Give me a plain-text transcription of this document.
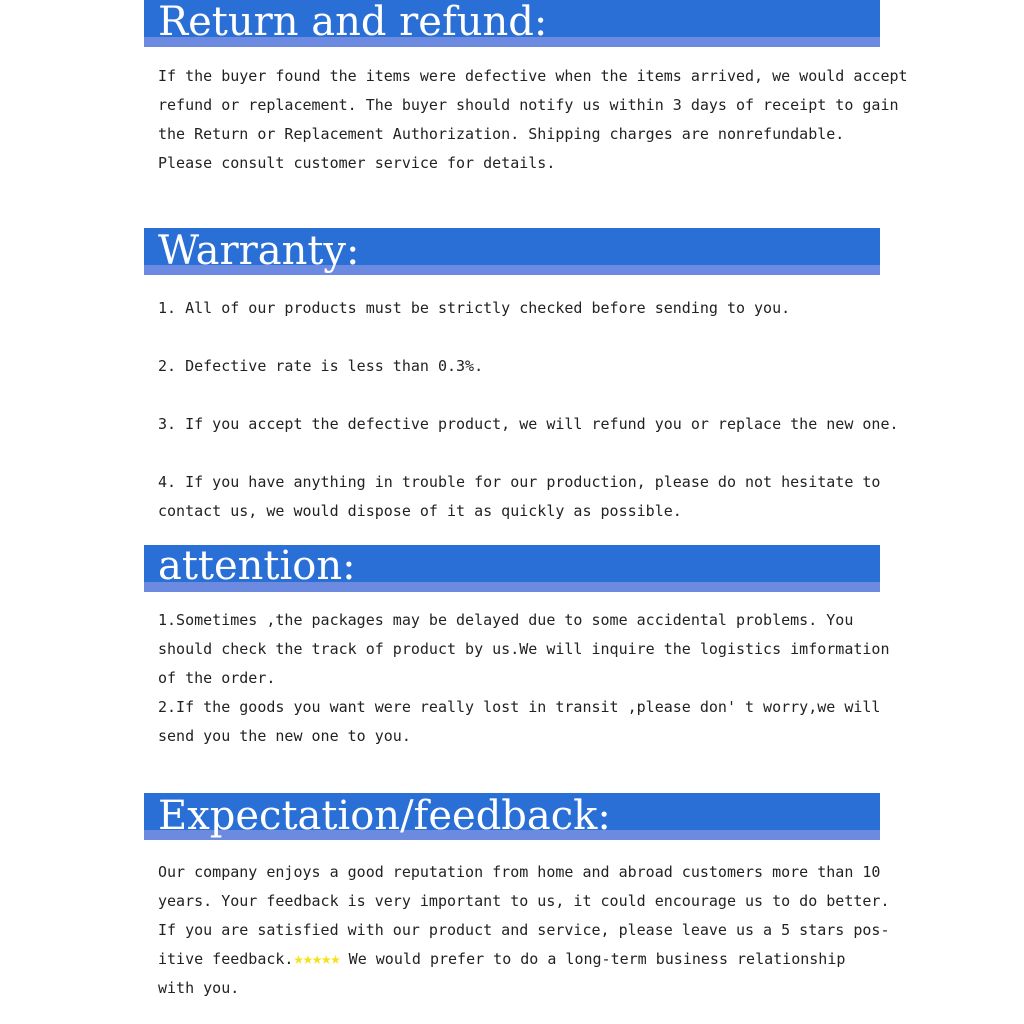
Return and refund:
If the buyer found the items were defective when the items arrived, we would accept
refund or replacement. The buyer should notify us within 3 days of receipt to gain
the Return or Replacement Authorization. Shipping charges are nonrefundable.
Please consult customer service for details.
Warranty:
1. All of our products must be strictly checked before sending to you.
2. Defective rate is less than 0.3%.
3. If you accept the defective product, we will refund you or replace the new one.
4. If you have anything in trouble for our production, please do not hesitate to
contact us, we would dispose of it as quickly as possible.
attention:
1.Sometimes ,the packages may be delayed due to some accidental problems. You
should check the track of product by us.We will inquire the logistics imformation
of the order.
2.If the goods you want were really lost in transit ,please don' t worry,we will
send you the new one to you.
Expectation/feedback:
Our company enjoys a good reputation from home and abroad customers more than 10
years. Your feedback is very important to us, it could encourage us to do better.
If you are satisfied with our product and service, please leave us a 5 stars pos-
itive feedback.★★★★★ We would prefer to do a long-term business relationship
with you.
